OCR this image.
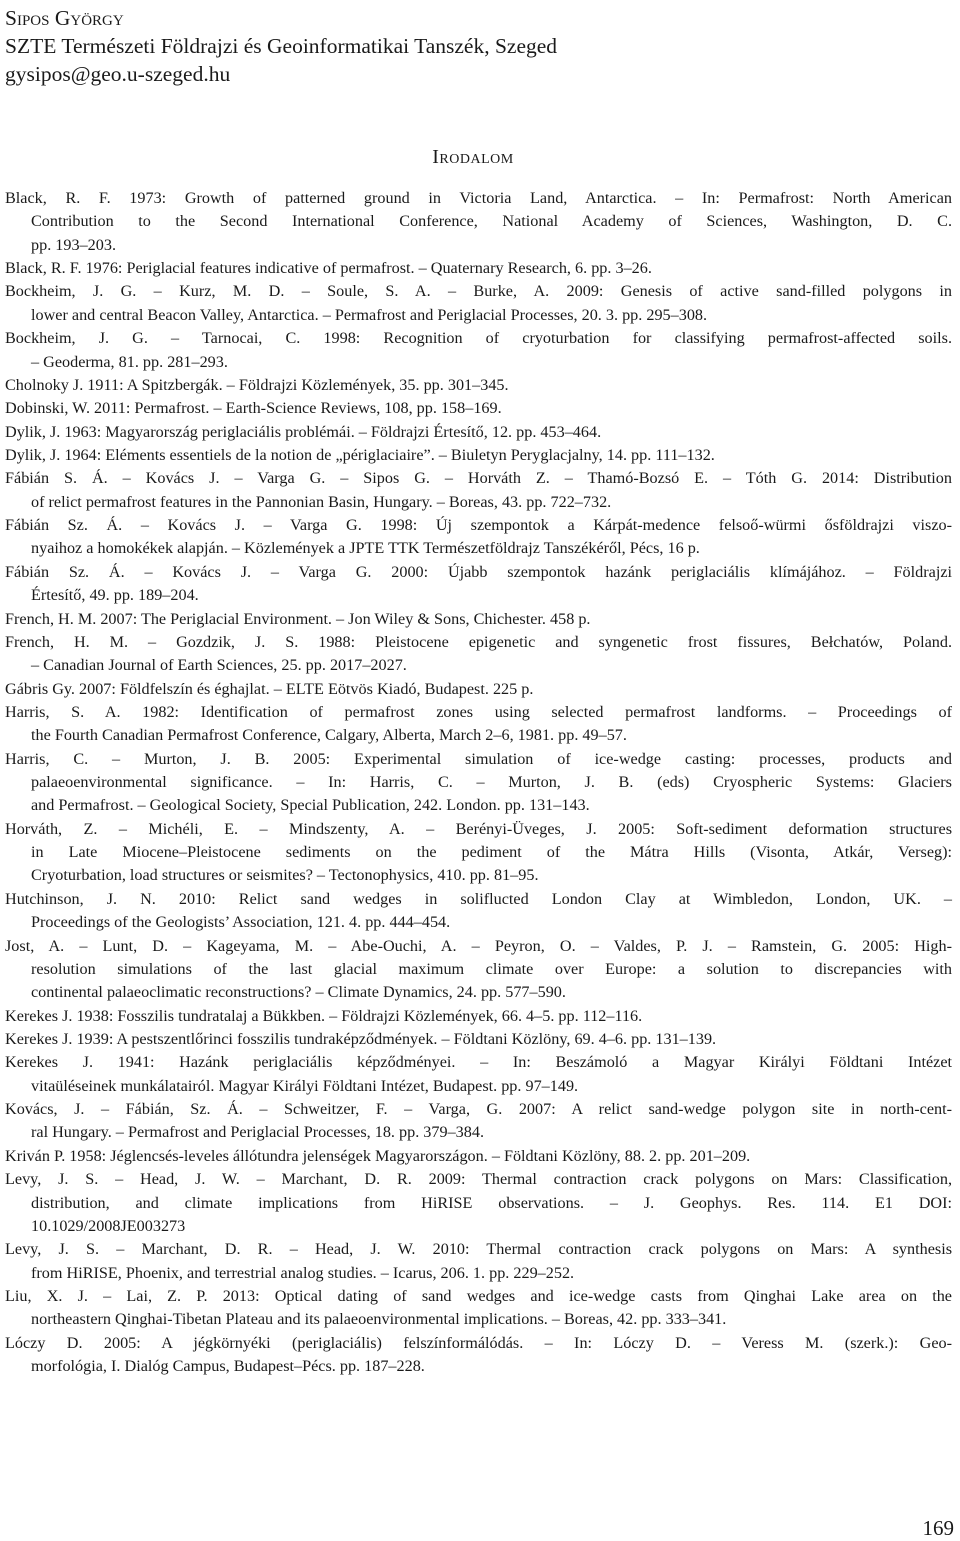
Sipos György
SZTE Természeti Földrajzi és Geoinformatikai Tanszék, Szeged
gysipos@geo.u-szeged.hu
Irodalom
Black, R. F. 1973: Growth of patterned ground in Victoria Land, Antarctica. – In: Permafrost: North American
Contribution to the Second International Conference, National Academy of Sciences, Washington, D. C.
pp. 193–203.
Black, R. F. 1976: Periglacial features indicative of permafrost. – Quaternary Research, 6. pp. 3–26.
Bockheim, J. G. – Kurz, M. D. – Soule, S. A. – Burke, A. 2009: Genesis of active sand-filled polygons in
lower and central Beacon Valley, Antarctica. – Permafrost and Periglacial Processes, 20. 3. pp. 295–308.
Bockheim, J. G. – Tarnocai, C. 1998: Recognition of cryoturbation for classifying permafrost-affected soils.
– Geoderma, 81. pp. 281–293.
Cholnoky J. 1911: A Spitzbergák. – Földrajzi Közlemények, 35. pp. 301–345.
Dobinski, W. 2011: Permafrost. – Earth-Science Reviews, 108, pp. 158–169.
Dylik, J. 1963: Magyarország periglaciális problémái. – Földrajzi Értesítő, 12. pp. 453–464.
Dylik, J. 1964: Eléments essentiels de la notion de „périglaciaire”. – Biuletyn Peryglacjalny, 14. pp. 111–132.
Fábián S. Á. – Kovács J. – Varga G. – Sipos G. – Horváth Z. – Thamó-Bozsó E. – Tóth G. 2014: Distribution
of relict permafrost features in the Pannonian Basin, Hungary. – Boreas, 43. pp. 722–732.
Fábián Sz. Á. – Kovács J. – Varga G. 1998: Új szempontok a Kárpát-medence felsoő-würmi ősföldrajzi viszo-
nyaihoz a homokékek alapján. – Közlemények a JPTE TTK Természetföldrajz Tanszékéről, Pécs, 16 p.
Fábián Sz. Á. – Kovács J. – Varga G. 2000: Újabb szempontok hazánk periglaciális klímájához. – Földrajzi
Értesítő, 49. pp. 189–204.
French, H. M. 2007: The Periglacial Environment. – Jon Wiley & Sons, Chichester. 458 p.
French, H. M. – Gozdzik, J. S. 1988: Pleistocene epigenetic and syngenetic frost fissures, Bełchatów, Poland.
– Canadian Journal of Earth Sciences, 25. pp. 2017–2027.
Gábris Gy. 2007: Földfelszín és éghajlat. – ELTE Eötvös Kiadó, Budapest. 225 p.
Harris, S. A. 1982: Identification of permafrost zones using selected permafrost landforms. – Proceedings of
the Fourth Canadian Permafrost Conference, Calgary, Alberta, March 2–6, 1981. pp. 49–57.
Harris, C. – Murton, J. B. 2005: Experimental simulation of ice-wedge casting: processes, products and
palaeoenvironmental significance. – In: Harris, C. – Murton, J. B. (eds) Cryospheric Systems: Glaciers
and Permafrost. – Geological Society, Special Publication, 242. London. pp. 131–143.
Horváth, Z. – Michéli, E. – Mindszenty, A. – Berényi-Üveges, J. 2005: Soft-sediment deformation structures
in Late Miocene–Pleistocene sediments on the pediment of the Mátra Hills (Visonta, Atkár, Verseg):
Cryoturbation, load structures or seismites? – Tectonophysics, 410. pp. 81–95.
Hutchinson, J. N. 2010: Relict sand wedges in soliflucted London Clay at Wimbledon, London, UK. –
Proceedings of the Geologists’ Association, 121. 4. pp. 444–454.
Jost, A. – Lunt, D. – Kageyama, M. – Abe-Ouchi, A. – Peyron, O. – Valdes, P. J. – Ramstein, G. 2005: High-
resolution simulations of the last glacial maximum climate over Europe: a solution to discrepancies with
continental palaeoclimatic reconstructions? – Climate Dynamics, 24. pp. 577–590.
Kerekes J. 1938: Fosszilis tundratalaj a Bükkben. – Földrajzi Közlemények, 66. 4–5. pp. 112–116.
Kerekes J. 1939: A pestszentlőrinci fosszilis tundraképződmények. – Földtani Közlöny, 69. 4–6. pp. 131–139.
Kerekes J. 1941: Hazánk periglaciális képződményei. – In: Beszámoló a Magyar Királyi Földtani Intézet
vitaüléseinek munkálatairól. Magyar Királyi Földtani Intézet, Budapest. pp. 97–149.
Kovács, J. – Fábián, Sz. Á. – Schweitzer, F. – Varga, G. 2007: A relict sand-wedge polygon site in north-cent-
ral Hungary. – Permafrost and Periglacial Processes, 18. pp. 379–384.
Kriván P. 1958: Jéglencsés-leveles állótundra jelenségek Magyarországon. – Földtani Közlöny, 88. 2. pp. 201–209.
Levy, J. S. – Head, J. W. – Marchant, D. R. 2009: Thermal contraction crack polygons on Mars: Classification,
distribution, and climate implications from HiRISE observations. – J. Geophys. Res. 114. E1 DOI:
10.1029/2008JE003273
Levy, J. S. – Marchant, D. R. – Head, J. W. 2010: Thermal contraction crack polygons on Mars: A synthesis
from HiRISE, Phoenix, and terrestrial analog studies. – Icarus, 206. 1. pp. 229–252.
Liu, X. J. – Lai, Z. P. 2013: Optical dating of sand wedges and ice-wedge casts from Qinghai Lake area on the
northeastern Qinghai-Tibetan Plateau and its palaeoenvironmental implications. – Boreas, 42. pp. 333–341.
Lóczy D. 2005: A jégkörnyéki (periglaciális) felszínformálódás. – In: Lóczy D. – Veress M. (szerk.): Geo-
morfológia, I. Dialóg Campus, Budapest–Pécs. pp. 187–228.
169
